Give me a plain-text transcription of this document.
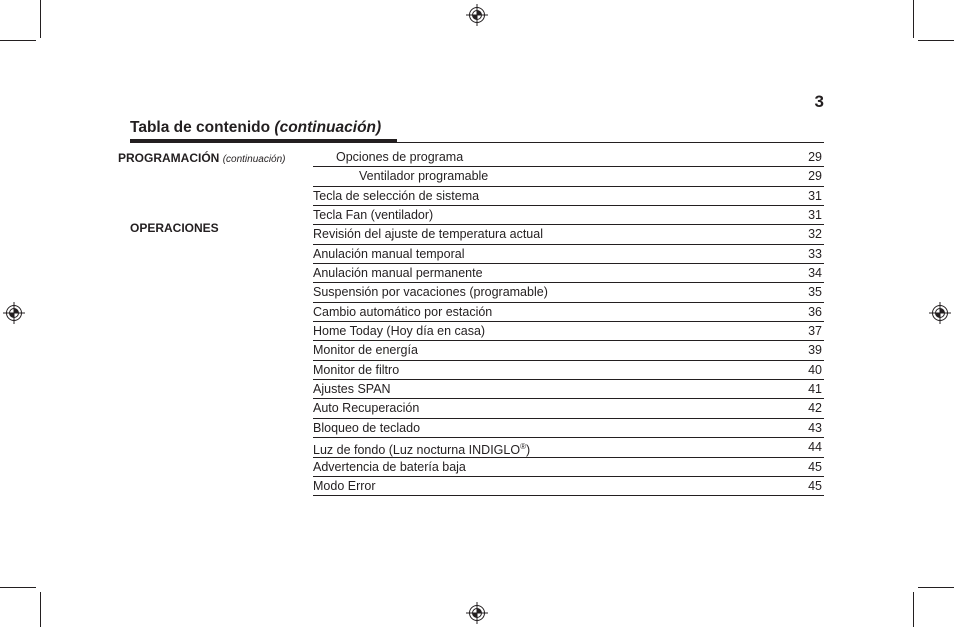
3
Tabla de contenido (continuación)
PROGRAMACIÓN (continuación)
OPERACIONES
Opciones de programa	29
Ventilador programable	29
Tecla de selección de sistema	31
Tecla Fan (ventilador)	31
Revisión del ajuste de temperatura actual	32
Anulación manual temporal	33
Anulación manual permanente	34
Suspensión por vacaciones (programable)	35
Cambio automático por estación	36
Home Today (Hoy día en casa)	37
Monitor de energía	39
Monitor de filtro	40
Ajustes SPAN	41
Auto Recuperación	42
Bloqueo de teclado	43
Luz de fondo (Luz nocturna INDIGLO®)	44
Advertencia de batería baja	45
Modo Error	45
